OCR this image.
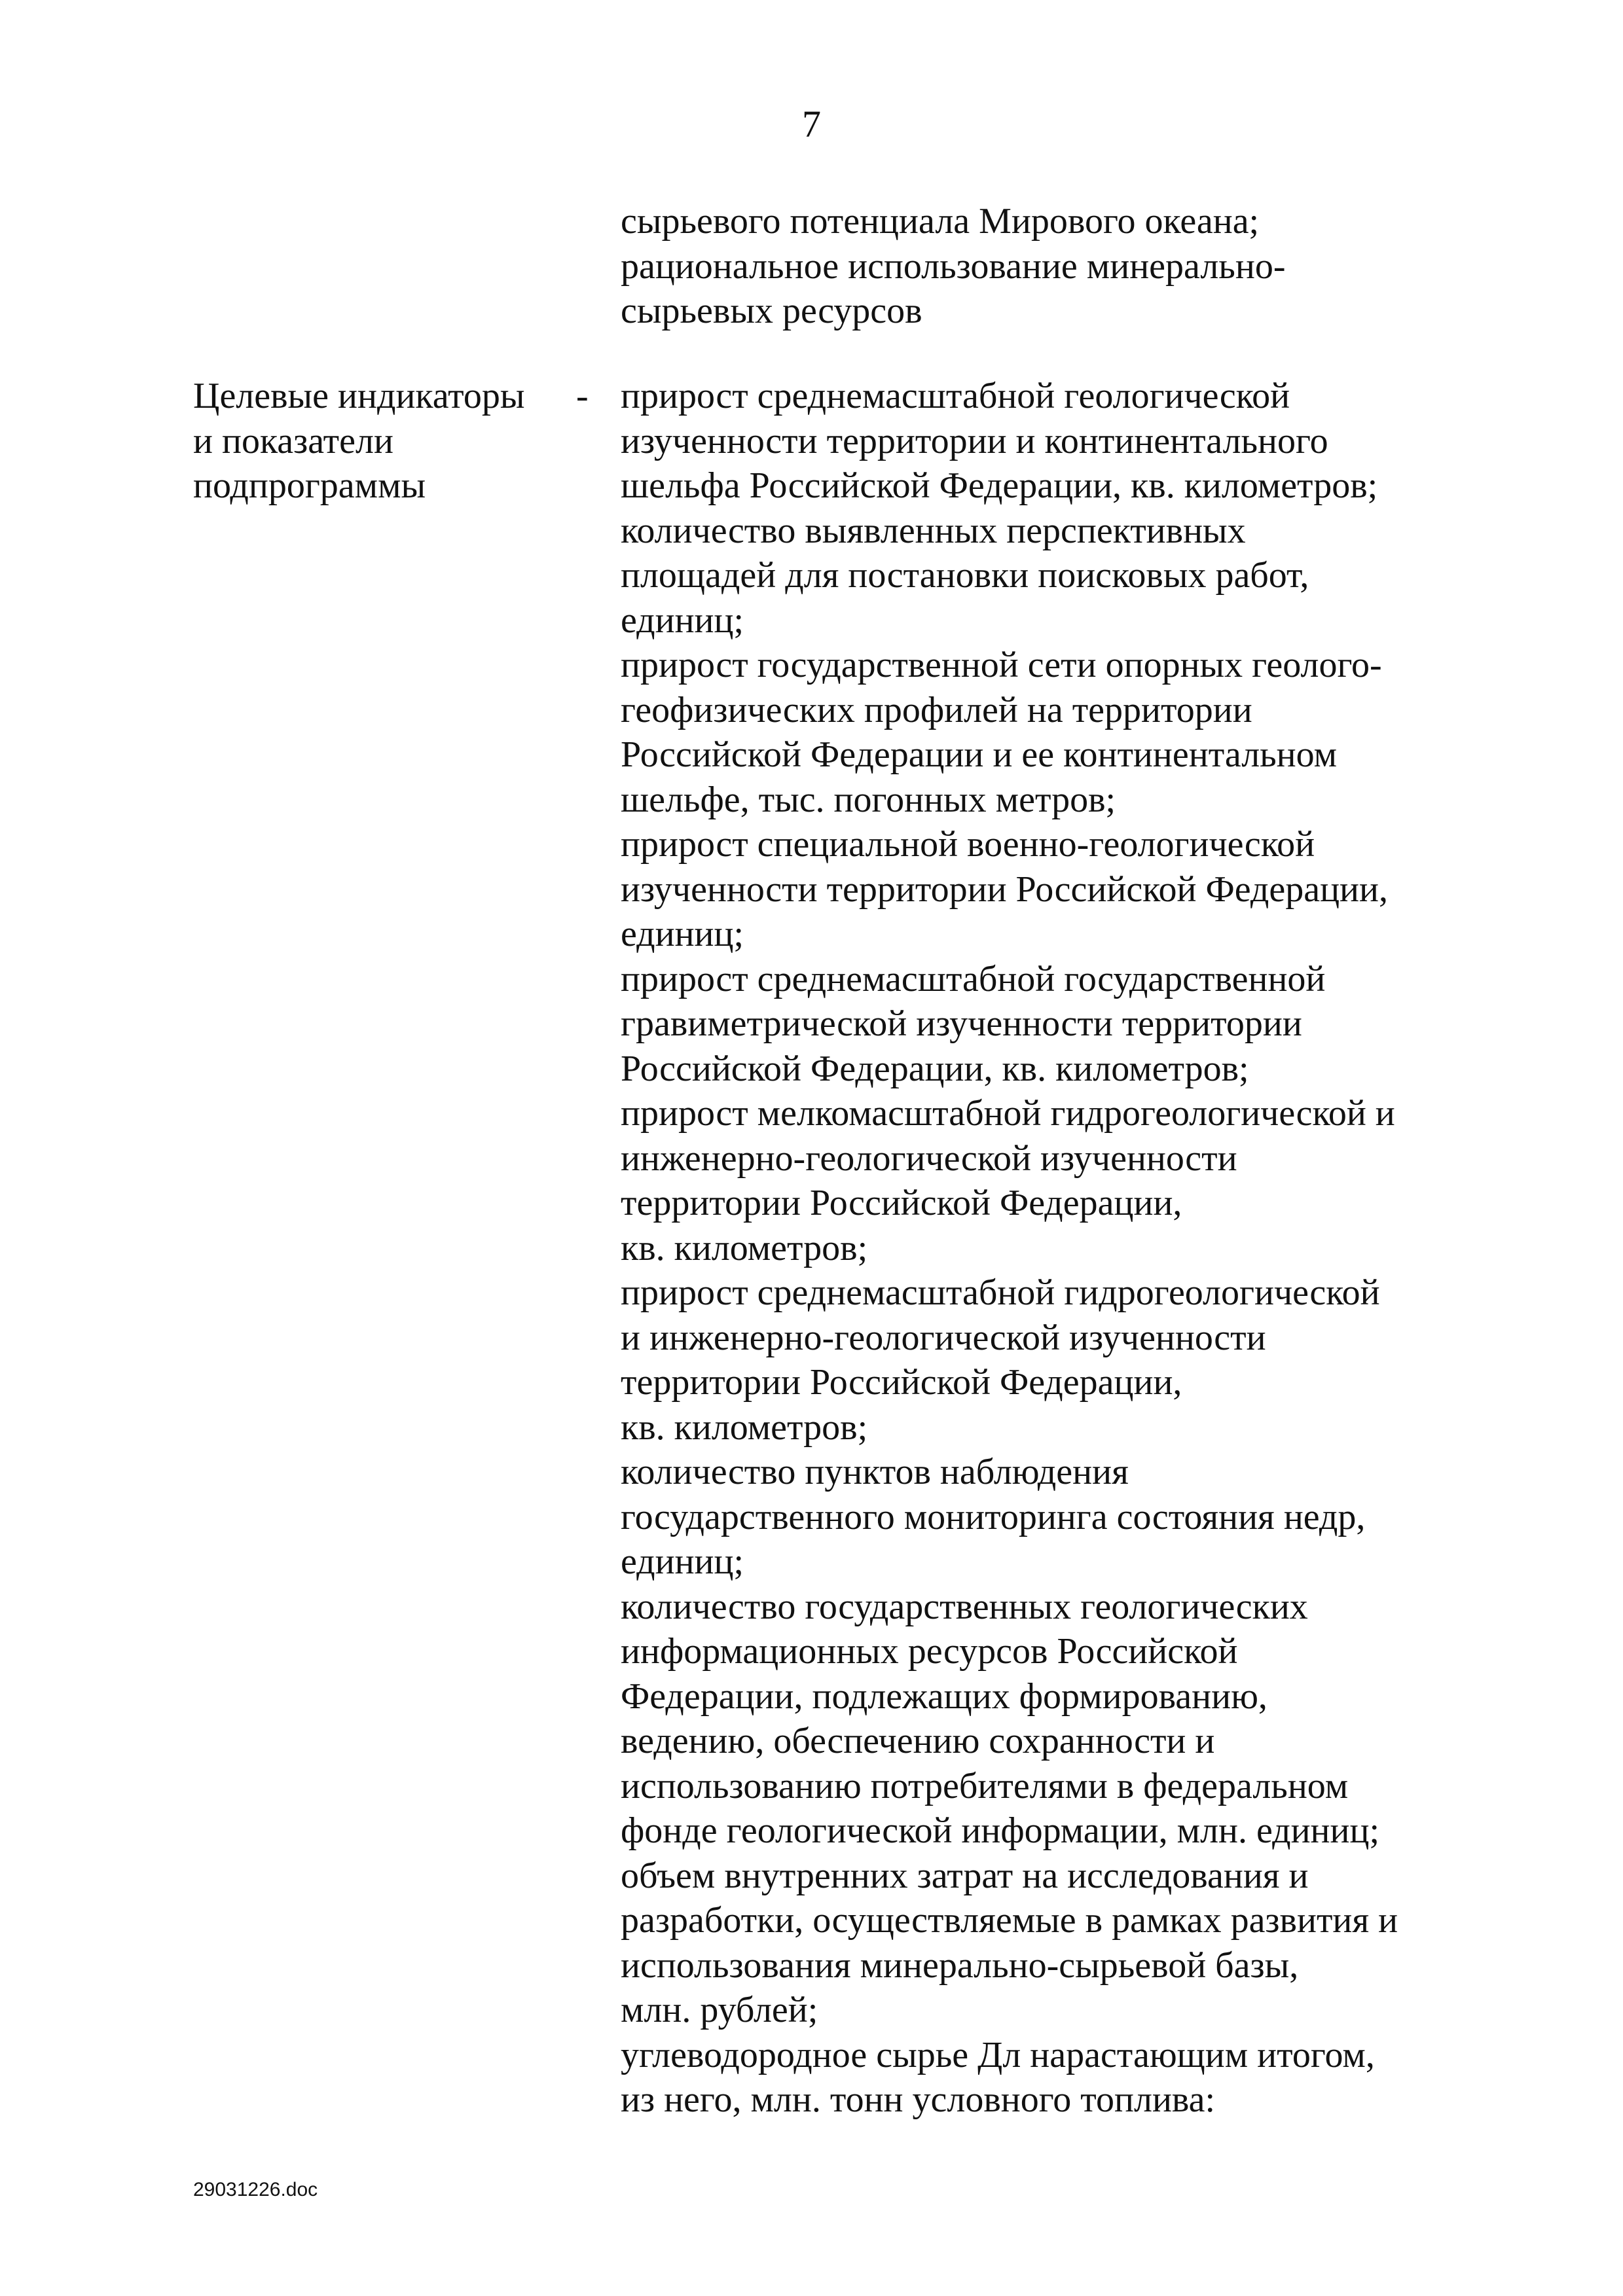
7
сырьевого потенциала Мирового океана;
рациональное использование минерально-
сырьевых ресурсов
Целевые индикаторы
и показатели
подпрограммы
- прирост среднемасштабной геологической
изученности территории и континентального
шельфа Российской Федерации, кв. километров;
количество выявленных перспективных
площадей для постановки поисковых работ,
единиц;
прирост государственной сети опорных геолого-
геофизических профилей на территории
Российской Федерации и ее континентальном
шельфе, тыс. погонных метров;
прирост специальной военно-геологической
изученности территории Российской Федерации,
единиц;
прирост среднемасштабной государственной
гравиметрической изученности территории
Российской Федерации, кв. километров;
прирост мелкомасштабной гидрогеологической и
инженерно-геологической изученности
территории Российской Федерации,
кв. километров;
прирост среднемасштабной гидрогеологической
и инженерно-геологической изученности
территории Российской Федерации,
кв. километров;
количество пунктов наблюдения
государственного мониторинга состояния недр,
единиц;
количество государственных геологических
информационных ресурсов Российской
Федерации, подлежащих формированию,
ведению, обеспечению сохранности и
использованию потребителями в федеральном
фонде геологической информации, млн. единиц;
объем внутренних затрат на исследования и
разработки, осуществляемые в рамках развития и
использования минерально-сырьевой базы,
млн. рублей;
углеводородное сырье Дл нарастающим итогом,
из него, млн. тонн условного топлива:
29031226.doc
